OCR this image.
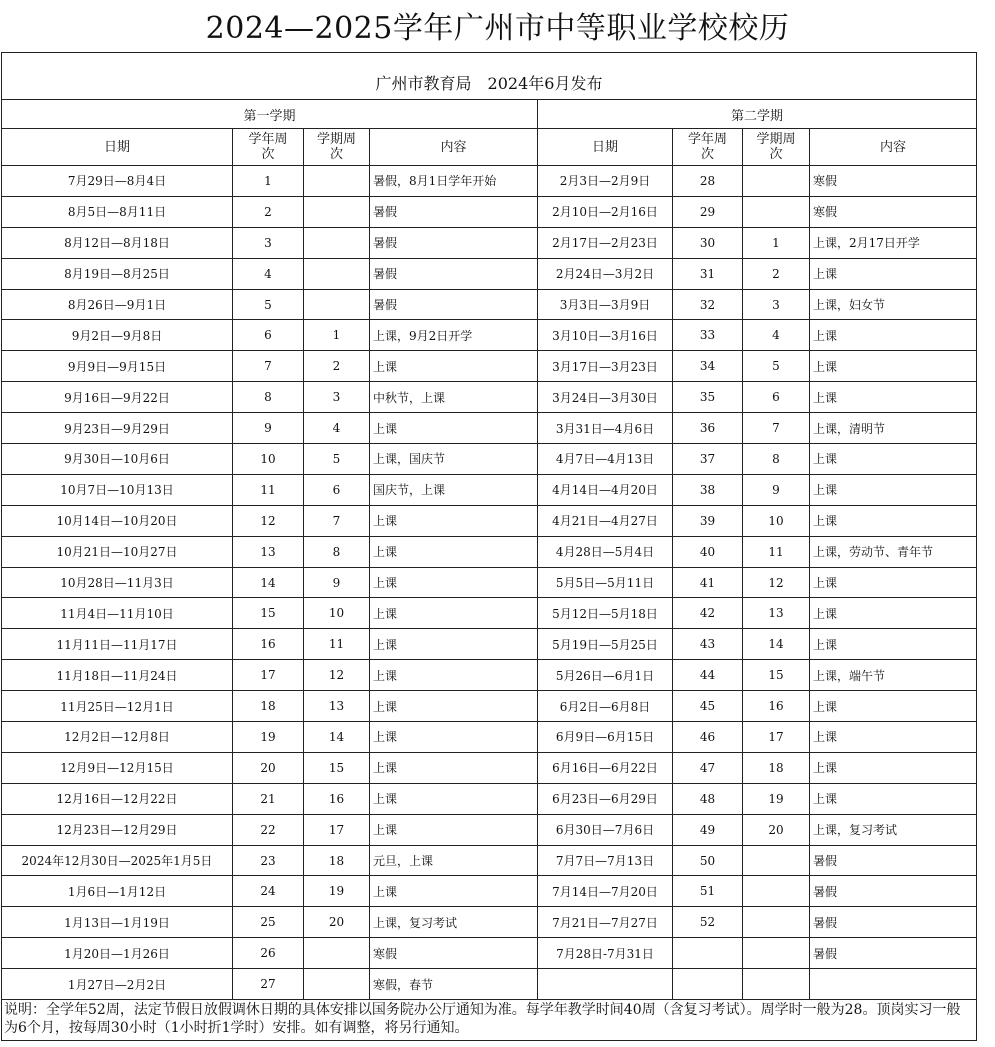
2024—2025学年广州市中等职业学校校历

广州市教育局　2024年6月发布							
第一学期				第二学期			
日期	学年周次	学期周次	内容	日期	学年周次	学期周次	内容
7月29日—8月4日	1		暑假，8月1日学年开始	2月3日—2月9日	28		寒假
8月5日—8月11日	2		暑假	2月10日—2月16日	29		寒假
8月12日—8月18日	3		暑假	2月17日—2月23日	30	1	上课，2月17日开学
8月19日—8月25日	4		暑假	2月24日—3月2日	31	2	上课
8月26日—9月1日	5		暑假	3月3日—3月9日	32	3	上课，妇女节
9月2日—9月8日	6	1	上课，9月2日开学	3月10日—3月16日	33	4	上课
9月9日—9月15日	7	2	上课	3月17日—3月23日	34	5	上课
9月16日—9月22日	8	3	中秋节，上课	3月24日—3月30日	35	6	上课
9月23日—9月29日	9	4	上课	3月31日—4月6日	36	7	上课，清明节
9月30日—10月6日	10	5	上课，国庆节	4月7日—4月13日	37	8	上课
10月7日—10月13日	11	6	国庆节，上课	4月14日—4月20日	38	9	上课
10月14日—10月20日	12	7	上课	4月21日—4月27日	39	10	上课
10月21日—10月27日	13	8	上课	4月28日—5月4日	40	11	上课，劳动节、青年节
10月28日—11月3日	14	9	上课	5月5日—5月11日	41	12	上课
11月4日—11月10日	15	10	上课	5月12日—5月18日	42	13	上课
11月11日—11月17日	16	11	上课	5月19日—5月25日	43	14	上课
11月18日—11月24日	17	12	上课	5月26日—6月1日	44	15	上课，端午节
11月25日—12月1日	18	13	上课	6月2日—6月8日	45	16	上课
12月2日—12月8日	19	14	上课	6月9日—6月15日	46	17	上课
12月9日—12月15日	20	15	上课	6月16日—6月22日	47	18	上课
12月16日—12月22日	21	16	上课	6月23日—6月29日	48	19	上课
12月23日—12月29日	22	17	上课	6月30日—7月6日	49	20	上课，复习考试
2024年12月30日—2025年1月5日	23	18	元旦，上课	7月7日—7月13日	50		暑假
1月6日—1月12日	24	19	上课	7月14日—7月20日	51		暑假
1月13日—1月19日	25	20	上课，复习考试	7月21日—7月27日	52		暑假
1月20日—1月26日	26		寒假	7月28日-7月31日			暑假
1月27日—2月2日	27		寒假，春节				
说明：全学年52周，法定节假日放假调休日期的具体安排以国务院办公厅通知为准。每学年教学时间40周（含复习考试）。周学时一般为28。顶岗实习一般为6个月，按每周30小时（1小时折1学时）安排。如有调整，将另行通知。							
